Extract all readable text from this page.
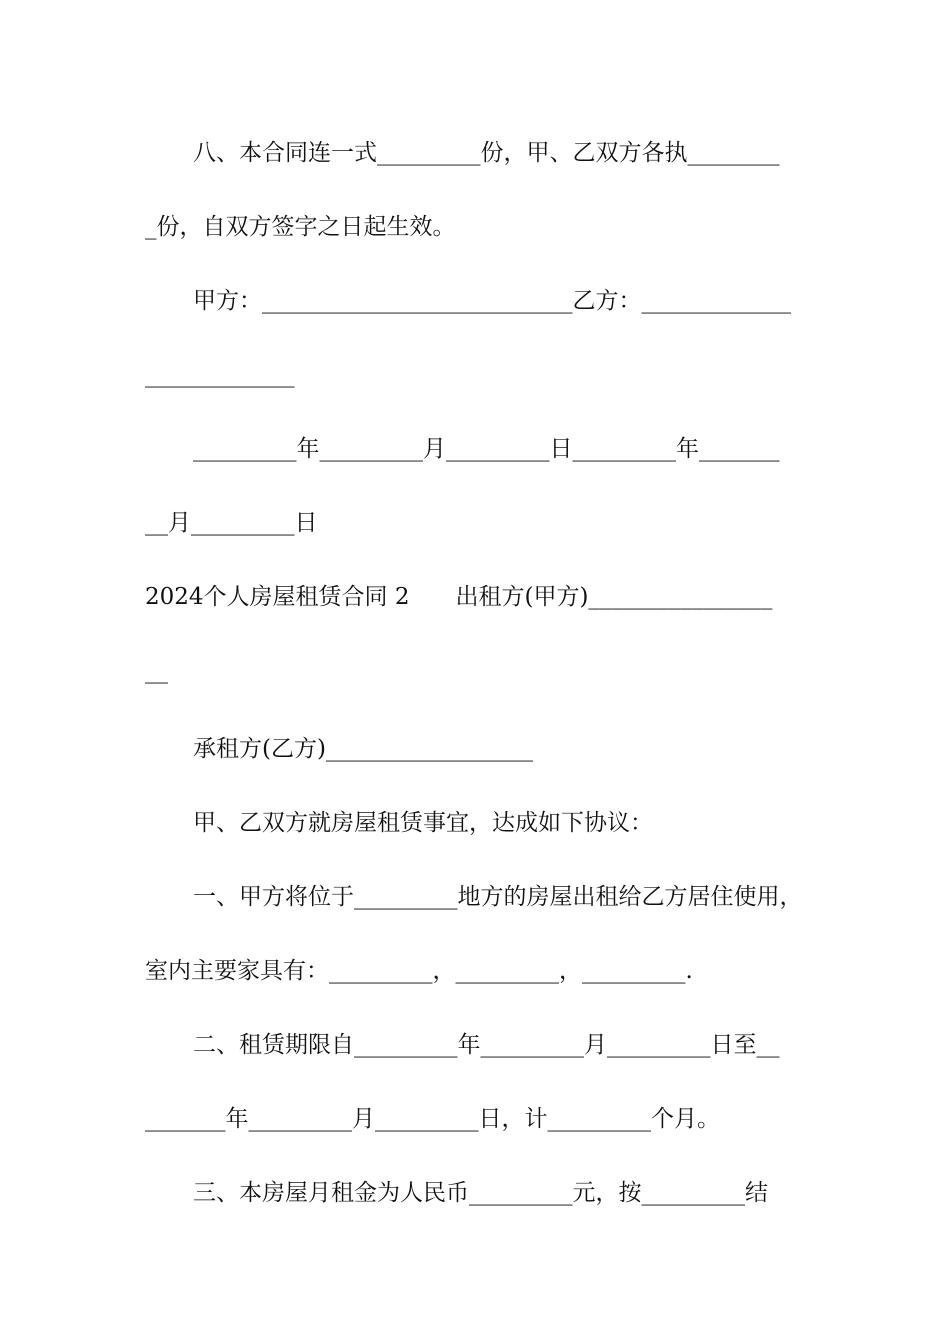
八、本合同连一式_________份，甲、乙双方各执________
_份，自双方签字之日起生效。
甲方：___________________________乙方：_____________
_____________
_________年_________月_________日_________年_______
__月_________日
2024个人房屋租赁合同 2　　出租方(甲方)________________
__
承租方(乙方)__________________
甲、乙双方就房屋租赁事宜，达成如下协议：
一、甲方将位于_________地方的房屋出租给乙方居住使用，
室内主要家具有：_________，_________，_________.
二、租赁期限自_________年_________月_________日至__
_______年_________月_________日，计_________个月。
三、本房屋月租金为人民币_________元，按_________结
